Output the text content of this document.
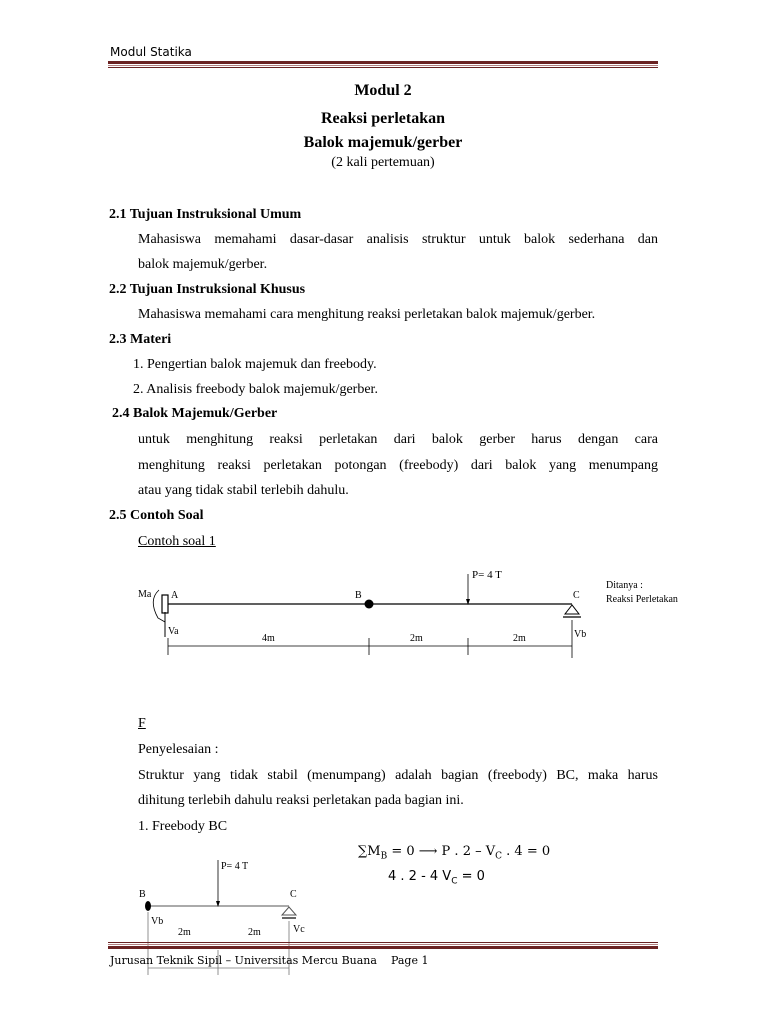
Modul Statika
Modul 2
Reaksi perletakan
Balok majemuk/gerber
(2 kali pertemuan)
2.1 Tujuan Instruksional Umum
Mahasiswa memahami dasar-dasar analisis struktur untuk balok sederhana dan
balok majemuk/gerber.
2.2 Tujuan Instruksional Khusus
Mahasiswa memahami cara menghitung reaksi perletakan balok majemuk/gerber.
2.3 Materi
1. Pengertian balok majemuk dan freebody.
2. Analisis freebody balok majemuk/gerber.
2.4 Balok Majemuk/Gerber
untuk menghitung reaksi perletakan dari balok gerber harus dengan cara
menghitung reaksi perletakan potongan (freebody) dari balok yang menumpang
atau yang tidak stabil terlebih dahulu.
2.5 Contoh Soal
Contoh soal 1
Ma A	B	C
P= 4 T
Va	Vb
4m	2m	2m
Ditanya :
Reaksi Perletakan
F
Penyelesaian :
Struktur yang tidak stabil (menumpang) adalah bagian (freebody) BC, maka harus
dihitung terlebih dahulu reaksi perletakan pada bagian ini.
1. Freebody BC
$\sum M_B = 0$ ⟶ P . $2 - V_C$ . 4 = 0
4 . 2 - 4 $V_C = 0$
B	C
P= 4 T
Vb
Vc
2m	2m
Jurusan Teknik Sipil – Universitas Mercu Buana Page 1
